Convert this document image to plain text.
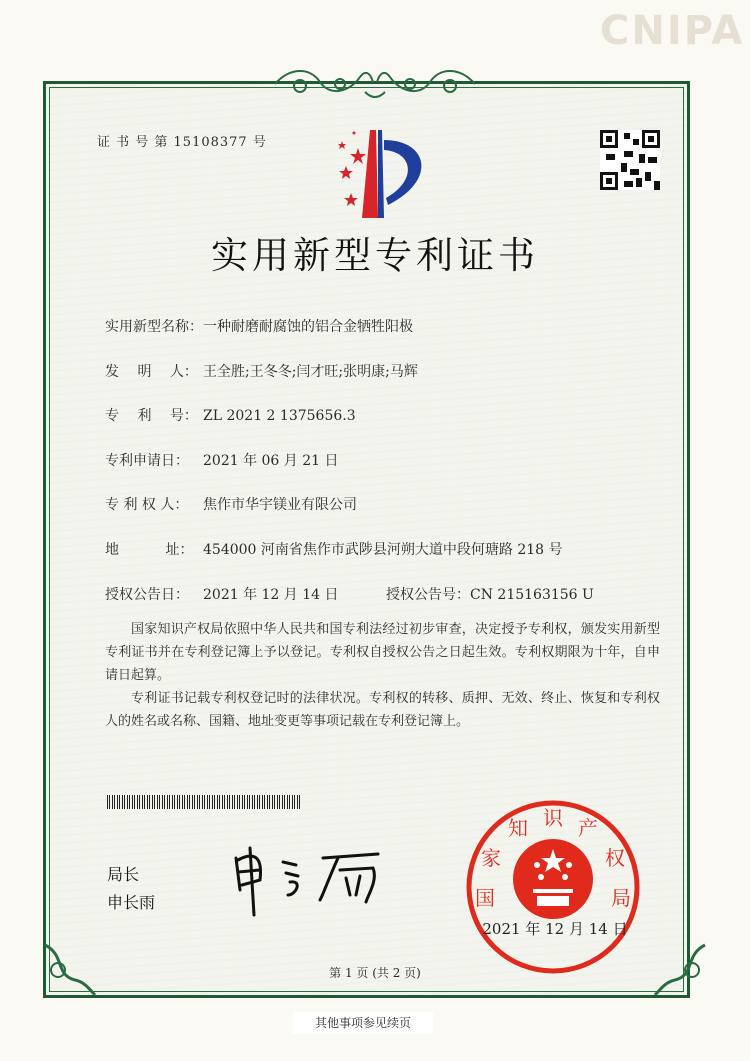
CNIPA
证 书 号 第 15108377 号
实用新型专利证书
实用新型名称：一种耐磨耐腐蚀的铝合金牺牲阳极
发　 明　 人： 王全胜;王冬冬;闫才旺;张明康;马辉
专　 利　 号： ZL 2021 2 1375656.3
专利申请日： 2021 年 06 月 21 日
专 利 权 人： 焦作市华宇镁业有限公司
地　　　 址： 454000 河南省焦作市武陟县河朔大道中段何瑭路 218 号
授权公告日： 2021 年 12 月 14 日	授权公告号：CN 215163156 U

国家知识产权局依照中华人民共和国专利法经过初步审查，决定授予专利权，颁发实用新型专利证书并在专利登记簿上予以登记。专利权自授权公告之日起生效。专利权期限为十年，自申请日起算。

专利证书记载专利权登记时的法律状况。专利权的转移、质押、无效、终止、恢复和专利权人的姓名或名称、国籍、地址变更等事项记载在专利登记簿上。

局长
申长雨	国
家
知 识 产
权
局
2021 年 12 月 14 日
第 1 页 (共 2 页)
其他事项参见续页
